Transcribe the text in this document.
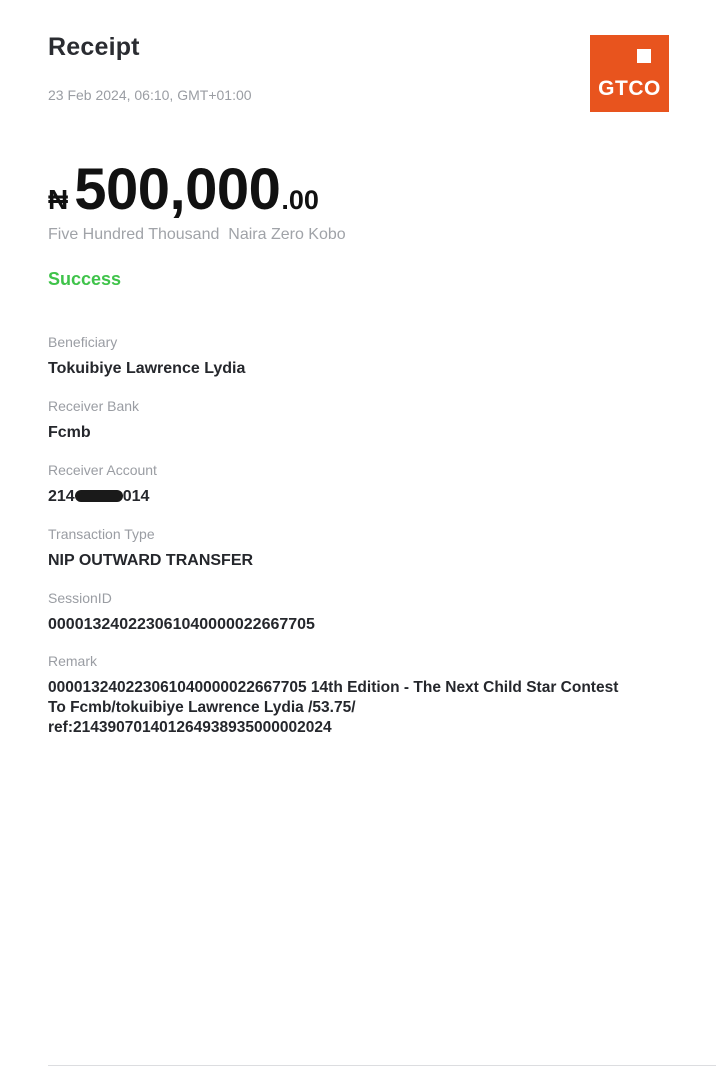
Receipt
23 Feb 2024, 06:10, GMT+01:00	GTCO
₦ 500,000.00
Five Hundred Thousand  Naira Zero Kobo
Success
Beneficiary
Tokuibiye Lawrence Lydia
Receiver Bank
Fcmb
Receiver Account
214	014
Transaction Type
NIP OUTWARD TRANSFER
SessionID
000013240223061040000022667705
Remark
000013240223061040000022667705 14th Edition - The Next Child Star Contest
To Fcmb/tokuibiye Lawrence Lydia /53.75/
ref:214390701401264938935000002024
